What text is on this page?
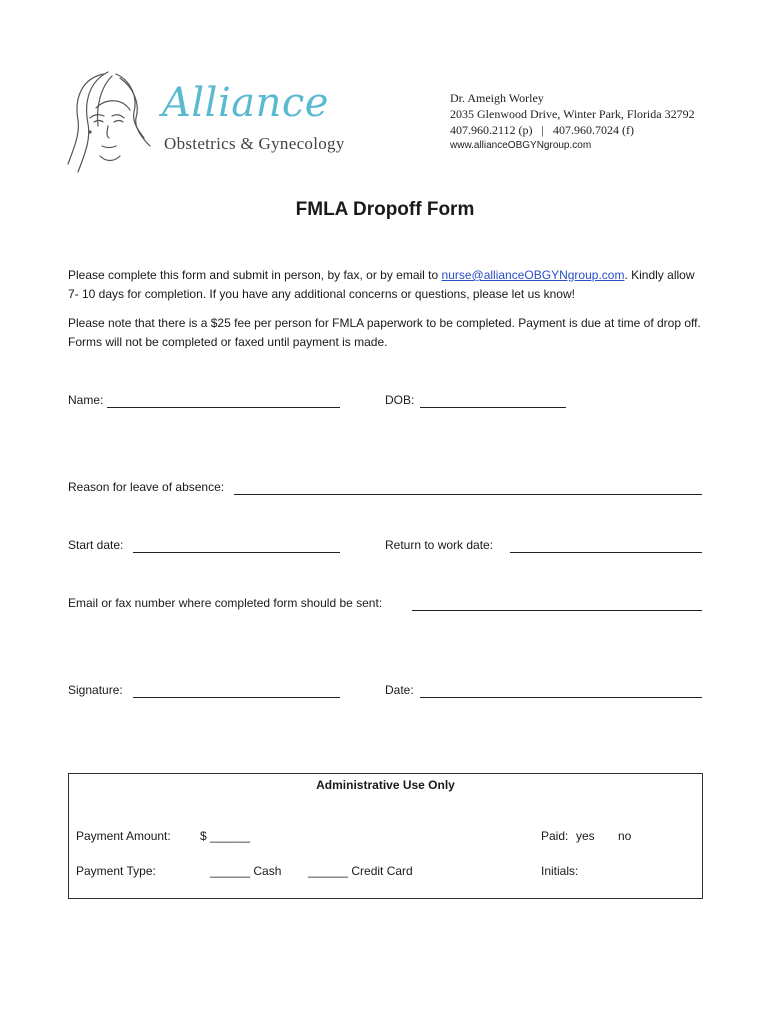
Alliance
Obstetrics & Gynecology
Dr. Ameigh Worley
2035 Glenwood Drive, Winter Park, Florida 32792
407.960.2112 (p)   |   407.960.7024 (f)
www.allianceOBGYNgroup.com
FMLA Dropoff Form
Please complete this form and submit in person, by fax, or by email to nurse@allianceOBGYNgroup.com. Kindly allow 7- 10 days for completion. If you have any additional concerns or questions, please let us know!
Please note that there is a $25 fee per person for FMLA paperwork to be completed. Payment is due at time of drop off. Forms will not be completed or faxed until payment is made.
Name:	DOB:
Reason for leave of absence:
Start date:	Return to work date:
Email or fax number where completed form should be sent:
Signature:	Date:
Administrative Use Only
Payment Amount: $ ______	Paid: yes no
Payment Type:	______ Cash ______ Credit Card	Initials:
